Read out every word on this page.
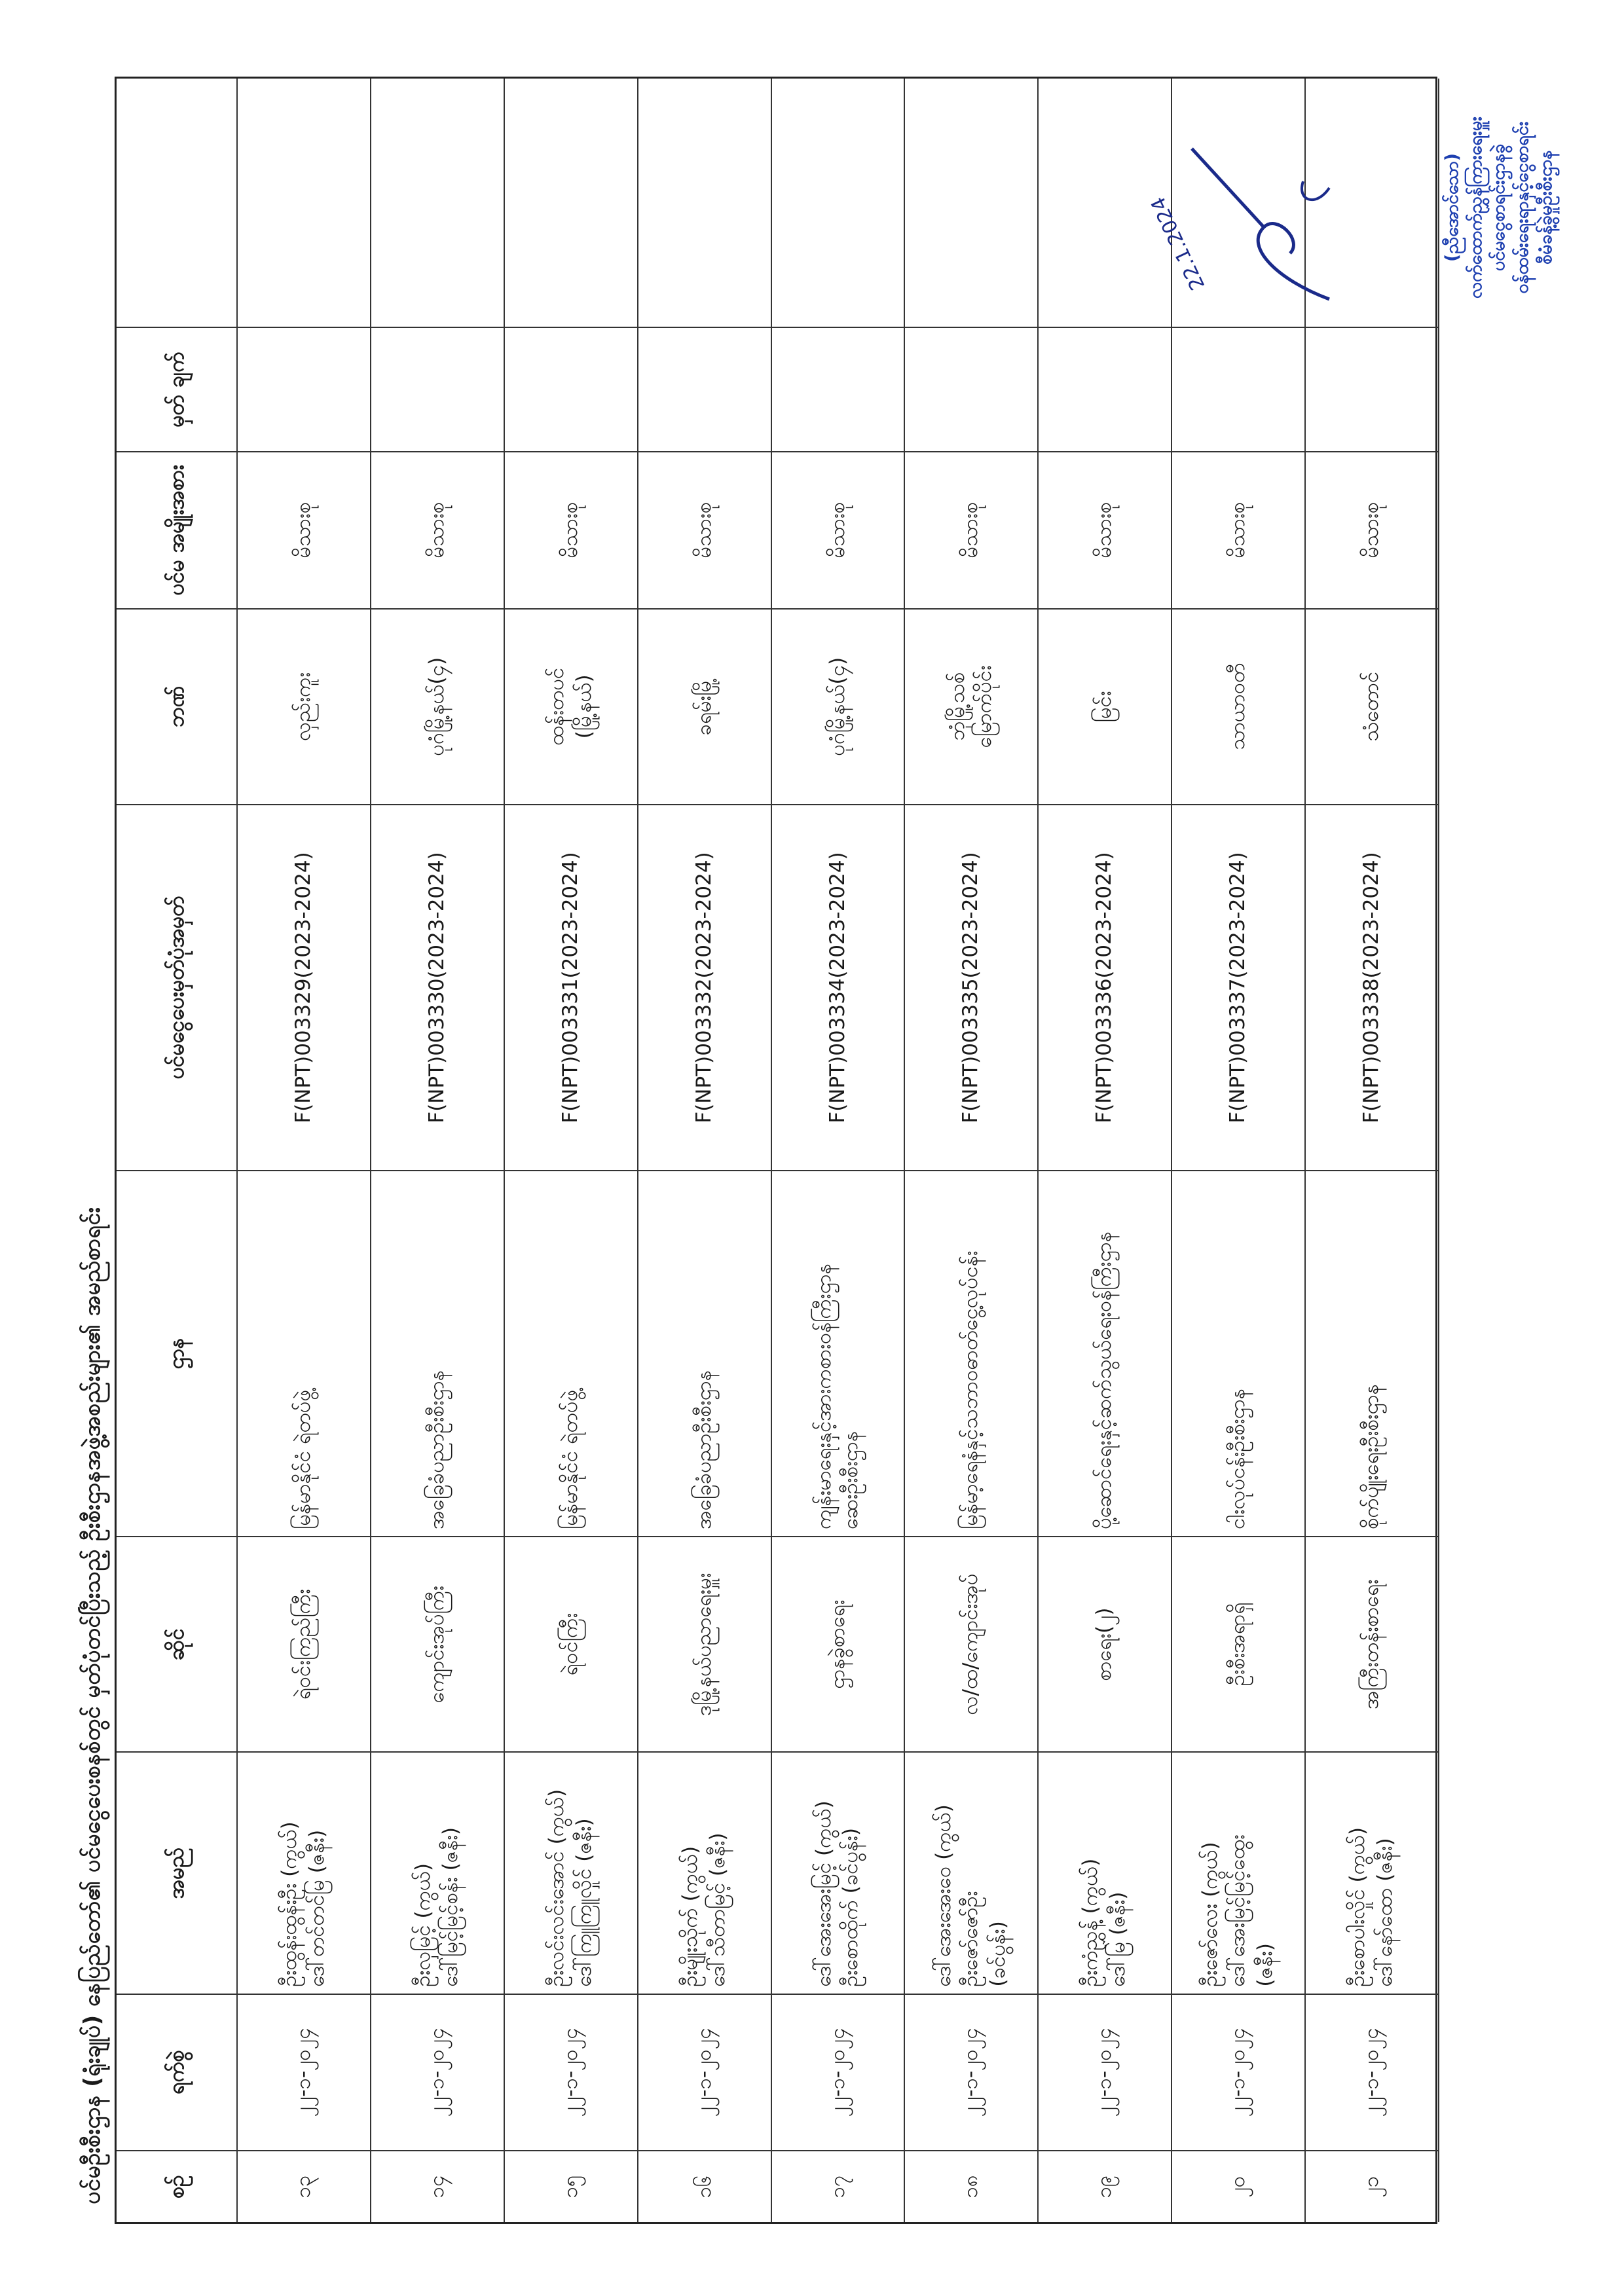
ပင်မဦးစီးဌာန (ရုံးချုပ်) နေပြည်တော်၏ ပင်မငွေပေးစနစ်တွင် မှတ်ပုံတင်ပြီးသည့် ဦးစီးဌာနအဖွဲ့အစည်းများ၏ အမည်စာရင်း	စဉ်
ရက်စွဲ
အမည်
ဆိုင်
ဌာန
ပင်မငွေပေးမှတ်ပုံအမှတ်
ဘဏ်
ပင်မ အမျိုးအစား
မှတ် ချက်
၁၃
၂၂-၁-၂၀၂၄
ဦးထွန်းထွန်းဦး (ကွယ်)
ဒေါ်တင်တင်မြ (ဇနီး)
ရဲဝင်းကြည်ကြီး
မြန်မာနိုင်ငံ ရဲတပ်ဖွဲ့
F(NPT)003329(2023-2024)
လှည်းကူး
မိသားစု
၁၄
၂၂-၁-၂၀၂၄
ဦးလှမြင့် (ကွယ်)
ဒေါ်မြင့်မြင့်စန်း (ဇနီး)
ကျောင်းအုပ်ကြီး
အခြေခံပညာဦးစီးဌာန
F(NPT)003330(2023-2024)
ပုဂံမြို့နယ်(၄)
မိသားစု
၁၅
၂၂-၁-၂၀၂၄
ဦးလင်းလင်းအောင် (ကွယ်)
ဒေါ်ကြူကြူလှိုင် (ဇနီး)
ရဲဝင်ကြီး
မြန်မာနိုင်ငံ ရဲတပ်ဖွဲ့
F(NPT)003331(2023-2024)
ထန်းတပင်
(မြို့နယ်)
မိသားစု
၁၆
၂၂-၁-၂၀၂၄
ဦးမျိုးသိုက် (ကွယ်)
ဒေါ်သီတာမြင့် (ဇနီး)
ဒုမြို့နယ်ပညာရေးမှူး
အခြေခံပညာဦးစီးဌာန
F(NPT)003332(2023-2024)
ခရမ်းမြို့
မိသားစု
၁၇
၂၂-၁-၂၀၂၄
ဒေါ်အေးအေးမြင့် (ကွယ်)
ဦးစောထိုက် (ခင်ပွန်း)
ဌာနခွဲစာရေး
ကျန်းမာရေးနှင့်အားကစားဝန်ကြီးဌာန
ဆေးဦးစီးဌာန
F(NPT)003334(2023-2024)
ပုဂံမြို့နယ်(၄)
မိသားစု
၁၈
၂၂-၁-၂၀၂၄
ဒေါ်အေးအေးဝေ (ကွယ်)
ဦးဇော်ဇော်ဦး
(ခင်ပွန်း)
လ/ထ/ကျောင်းအုပ်
မြန်မာ့ရေနံနှင့်သဘာဝဓာတ်ငွေ့လုပ်ငန်း
F(NPT)003335(2023-2024)
ဘုံမြို့သစ်
မြောက်ပိုင်း
မိသားစု
၁၉
၂၂-၁-၂၀၂၄
ဦးကံညွှန့် (ကွယ်)
ဒေါ်မြ (ဇနီး)
စာရေး(၂)
ပို့ဆောင်ရေးနှင့်ဆက်သွယ်ရေးဝန်ကြီးဌာန
F(NPT)003336(2023-2024)
မြင်း
မိသားစု
၂၀
၂၂-၁-၂၀၂၄
ဦးဇော်လေး (ကွယ်)
ဒေါ်အေးမြင့်မြင့်ထွေး
(ဇနီး)
ဦးစီးအရာရှိ
ငါးလုပ်ငန်းဦးစီးဌာန
F(NPT)003337(2023-2024)
သာယာဝတီ
မိသားစု
၂၁
၂၂-၁-၂၀၂၄
ဦးစောပါးလှိုင် (ကွယ်)
ဒေါ်နော်ထော (ဇနီး)
အကြီးတန်းစာရေး
စိုက်ပျိုးရေးဦးစီးဌာန
F(NPT)003338(2023-2024)
သံတောင်
မိသားစု
22.1.2024	(ညီအောင်သော) လက်ထောက်ညွှန်ကြားရေးမှူး ပင်မငွေစာရင်းဌာနခွဲ ဝန်ထမ်းရေးရာနှင့်ငွေစာရင်း စီမံခန့်ခွဲမှုဦးစီးဌာန
